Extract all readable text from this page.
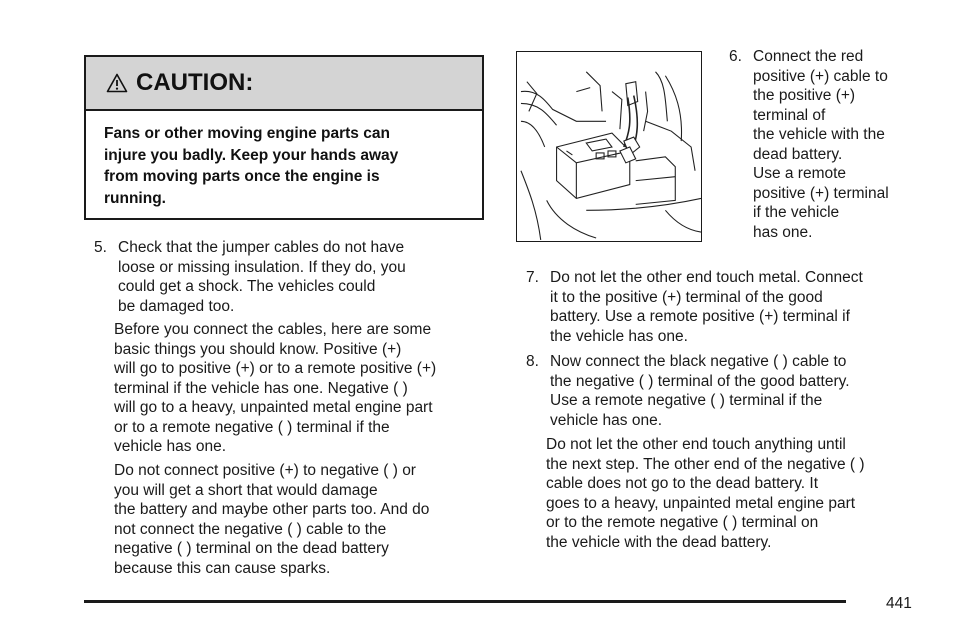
CAUTION:
Fans or other moving engine parts can
injure you badly. Keep your hands away
from moving parts once the engine is
running.
5. Check that the jumper cables do not have
loose or missing insulation. If they do, you
could get a shock. The vehicles could
be damaged too.
Before you connect the cables, here are some
basic things you should know. Positive (+)
will go to positive (+) or to a remote positive (+)
terminal if the vehicle has one. Negative ( )
will go to a heavy, unpainted metal engine part
or to a remote negative ( ) terminal if the
vehicle has one.
Do not connect positive (+) to negative ( ) or
you will get a short that would damage
the battery and maybe other parts too. And do
not connect the negative ( ) cable to the
negative ( ) terminal on the dead battery
because this can cause sparks.
6. Connect the red
positive (+) cable to
the positive (+)
terminal of
the vehicle with the
dead battery.
Use a remote
positive (+) terminal
if the vehicle
has one.
7. Do not let the other end touch metal. Connect
it to the positive (+) terminal of the good
battery. Use a remote positive (+) terminal if
the vehicle has one.
8. Now connect the black negative ( ) cable to
the negative ( ) terminal of the good battery.
Use a remote negative ( ) terminal if the
vehicle has one.
Do not let the other end touch anything until
the next step. The other end of the negative ( )
cable does not go to the dead battery. It
goes to a heavy, unpainted metal engine part
or to the remote negative ( ) terminal on
the vehicle with the dead battery.
441
